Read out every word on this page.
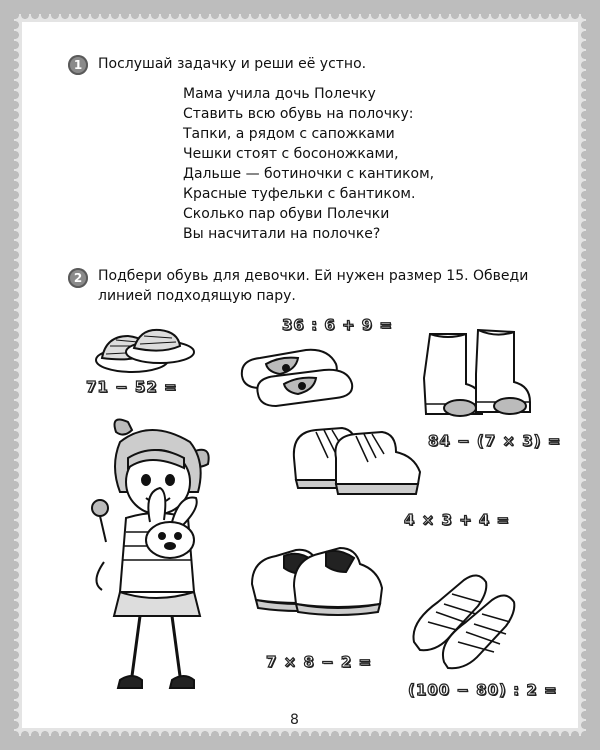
1	Послушай задачку и реши её устно.
Мама учила дочь Полечку
Ставить всю обувь на полочку:
Тапки, а рядом с сапожками
Чешки стоят с босоножками,
Дальше — ботиночки с кантиком,
Красные туфельки с бантиком.
Сколько пар обуви Полечки
Вы насчитали на полочке?
2	Подбери обувь для девочки. Ей нужен размер 15. Обведи
линией подходящую пару.
71 − 52 =
36 : 6 + 9 =
84 − (7 × 3) =
4 × 3 + 4 =
7 × 8 − 2 =
(100 − 80) : 2 =
8
